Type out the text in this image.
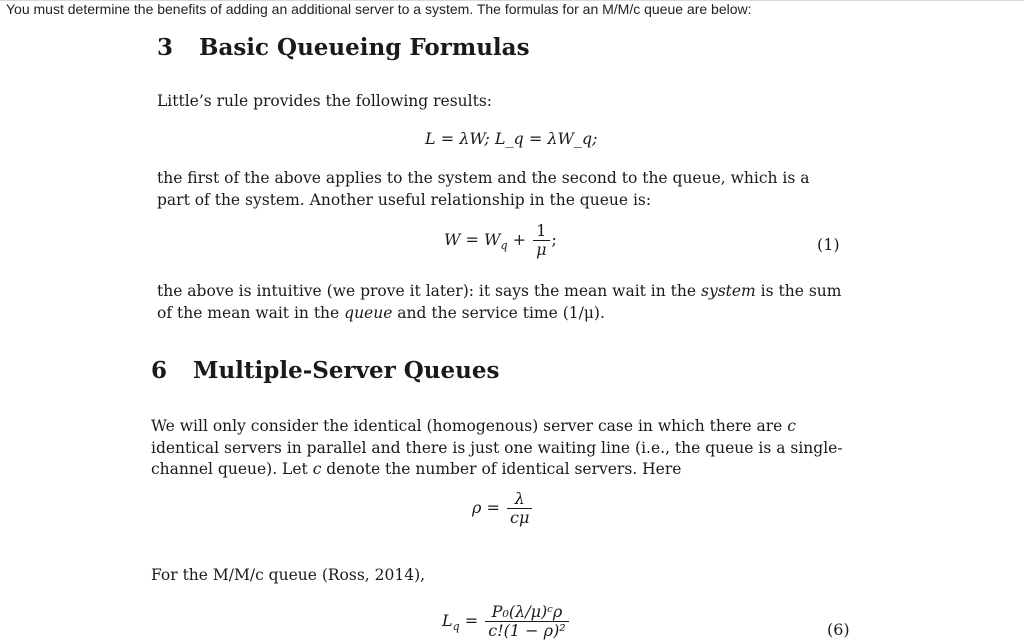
You must determine the benefits of adding an additional server to a system. The formulas for an M/M/c queue are below:
3 Basic Queueing Formulas
Little’s rule provides the following results:
L = λW; L_q = λW_q;
the first of the above applies to the system and the second to the queue, which is a part of the system. Another useful relationship in the queue is:
$W = W_q + \frac{1}{\mu}$ ;	(1)
the above is intuitive (we prove it later): it says the mean wait in the system is the sum of the mean wait in the queue and the service time (1/μ).
6 Multiple-Server Queues
We will only consider the identical (homogenous) server case in which there are c identical servers in parallel and there is just one waiting line (i.e., the queue is a single-channel queue). Let c denote the number of identical servers. Here
$\rho = \frac{\lambda}{c\mu}$
For the M/M/c queue (Ross, 2014),
$L_q = \frac{\text{P₀(λ/μ)ᶜρ}}{\text{c!(1 − ρ)²}}$	(6)
